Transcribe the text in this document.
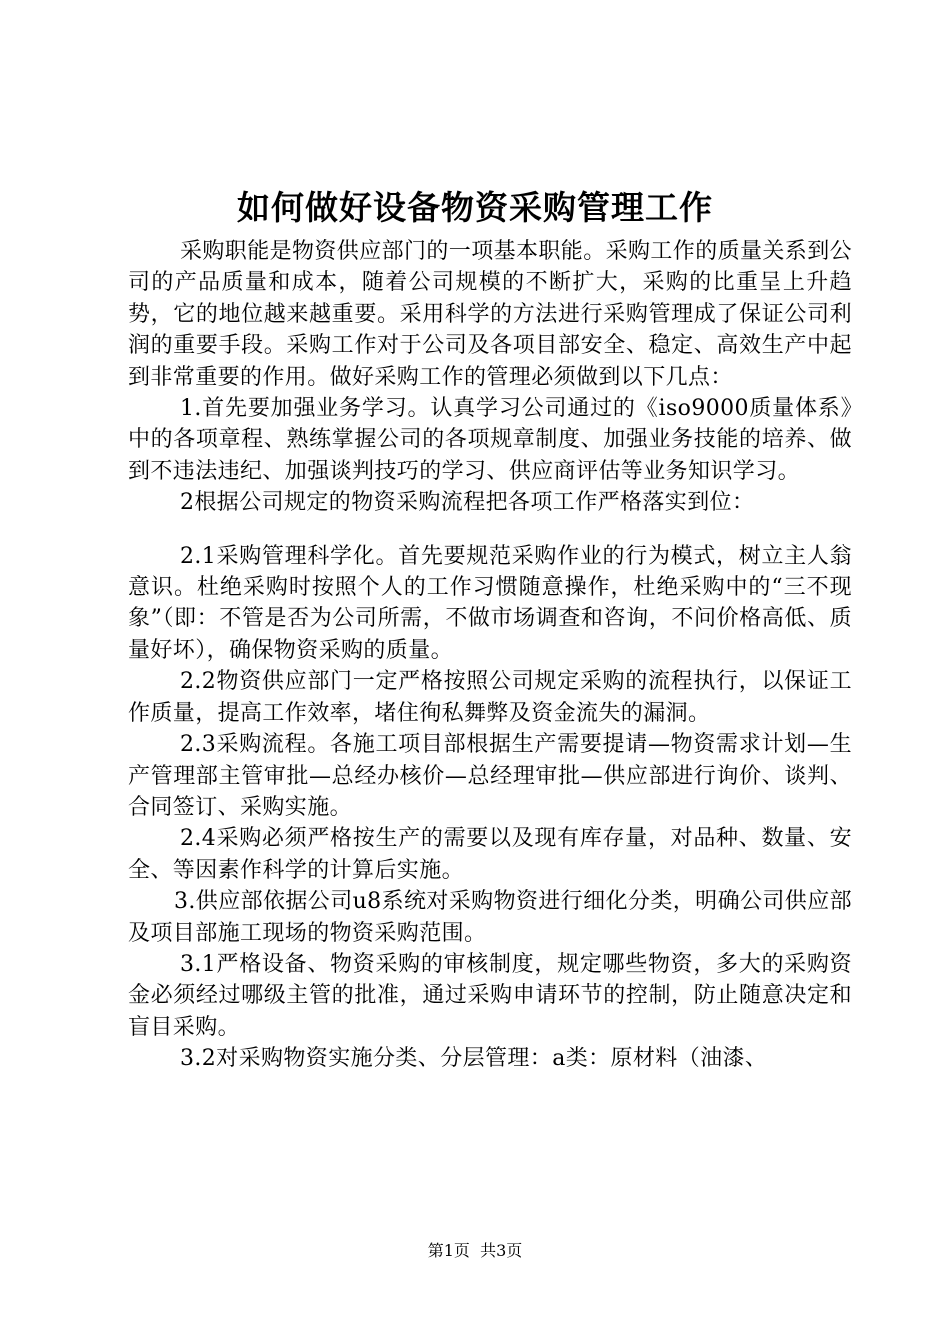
如何做好设备物资采购管理工作

采购职能是物资供应部门的一项基本职能。采购工作的质量关系到公司的产品质量和成本，随着公司规模的不断扩大，采购的比重呈上升趋势，它的地位越来越重要。采用科学的方法进行采购管理成了保证公司利润的重要手段。采购工作对于公司及各项目部安全、稳定、高效生产中起到非常重要的作用。做好采购工作的管理必须做到以下几点：

1.首先要加强业务学习。认真学习公司通过的《iso9000质量体系》中的各项章程、熟练掌握公司的各项规章制度、加强业务技能的培养、做到不违法违纪、加强谈判技巧的学习、供应商评估等业务知识学习。

2根据公司规定的物资采购流程把各项工作严格落实到位：

2.1采购管理科学化。首先要规范采购作业的行为模式，树立主人翁意识。杜绝采购时按照个人的工作习惯随意操作，杜绝采购中的“三不现象”（即：不管是否为公司所需，不做市场调查和咨询，不问价格高低、质量好坏），确保物资采购的质量。

2.2物资供应部门一定严格按照公司规定采购的流程执行，以保证工作质量，提高工作效率，堵住徇私舞弊及资金流失的漏洞。

2.3采购流程。各施工项目部根据生产需要提请—物资需求计划—生产管理部主管审批—总经办核价—总经理审批—供应部进行询价、谈判、合同签订、采购实施。

2.4采购必须严格按生产的需要以及现有库存量，对品种、数量、安全、等因素作科学的计算后实施。

3.供应部依据公司u8系统对采购物资进行细化分类，明确公司供应部及项目部施工现场的物资采购范围。

3.1严格设备、物资采购的审核制度，规定哪些物资，多大的采购资金必须经过哪级主管的批准，通过采购申请环节的控制，防止随意决定和盲目采购。

3.2对采购物资实施分类、分层管理：a类：原材料（油漆、

第1页 共3页
